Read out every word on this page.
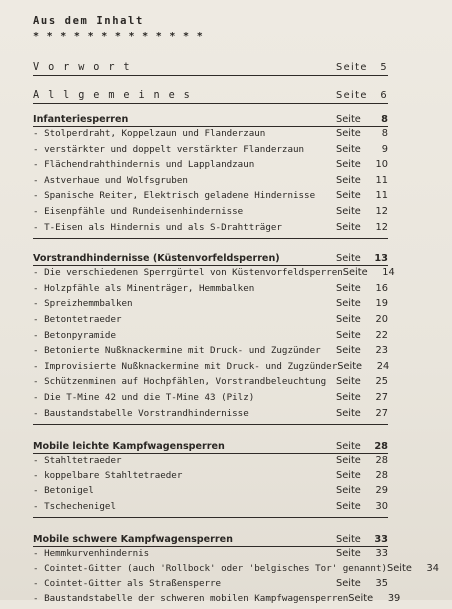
Aus dem Inhalt
* * * * * * * * * * * * *
V o r w o r t	Seite	5
A l l g e m e i n e s	Seite	6
Infanteriesperren	Seite	8
- Stolperdraht, Koppelzaun und Flanderzaun	Seite	8
- verstärkter und doppelt verstärkter Flanderzaun	Seite	9
- Flächendrahthindernis und Lapplandzaun	Seite	10
- Astverhaue und Wolfsgruben	Seite	11
- Spanische Reiter, Elektrisch geladene Hindernisse	Seite	11
- Eisenpfähle und Rundeisenhindernisse	Seite	12
- T-Eisen als Hindernis und als S-Drahtträger	Seite	12
Vorstrandhindernisse (Küstenvorfeldsperren)	Seite	13
- Die verschiedenen Sperrgürtel von Küstenvorfeldsperren Seite	14
- Holzpfähle als Minenträger, Hemmbalken	Seite	16
- Spreizhemmbalken	Seite	19
- Betontetraeder	Seite	20
- Betonpyramide	Seite	22
- Betonierte Nußknackermine mit Druck- und Zugzünder	Seite	23
- Improvisierte Nußknackermine mit Druck- und Zugzünder Seite	24
- Schützenminen auf Hochpfählen, Vorstrandbeleuchtung	Seite	25
- Die T-Mine 42 und die T-Mine 43 (Pilz)	Seite	27
- Baustandstabelle Vorstrandhindernisse	Seite	27
Mobile leichte Kampfwagensperren	Seite	28
- Stahltetraeder	Seite	28
- koppelbare Stahltetraeder	Seite	28
- Betonigel	Seite	29
- Tschechenigel	Seite	30
Mobile schwere Kampfwagensperren	Seite	33
- Hemmkurvenhindernis	Seite	33
- Cointet-Gitter (auch 'Rollbock' oder 'belgisches Tor' genannt) Seite	34
- Cointet-Gitter als Straßensperre	Seite	35
- Baustandstabelle der schweren mobilen Kampfwagensperren Seite	39
